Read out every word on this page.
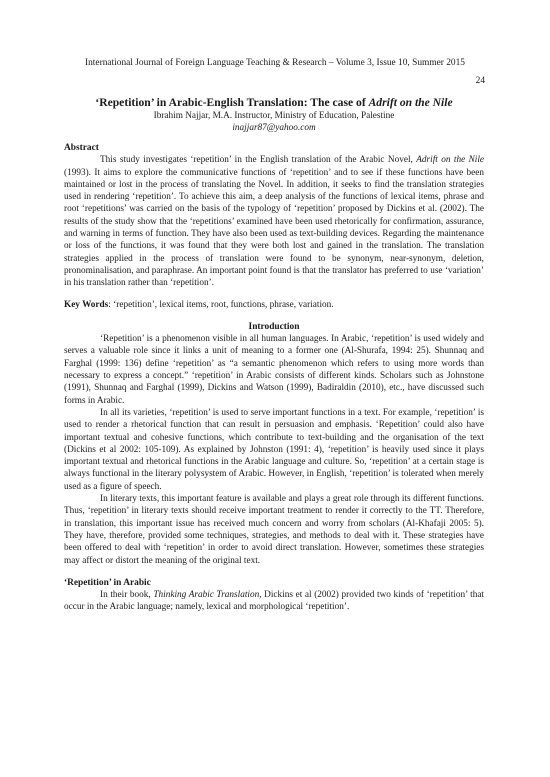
International Journal of Foreign Language Teaching & Research – Volume 3, Issue 10, Summer 2015
24
‘Repetition’ in Arabic-English Translation: The case of Adrift on the Nile
Ibrahim Najjar, M.A. Instructor, Ministry of Education, Palestine
inajjar87@yahoo.com
Abstract

This study investigates ‘repetition’ in the English translation of the Arabic Novel, Adrift on the Nile (1993). It aims to explore the communicative functions of ‘repetition’ and to see if these functions have been maintained or lost in the process of translating the Novel. In addition, it seeks to find the translation strategies used in rendering ‘repetition’. To achieve this aim, a deep analysis of the functions of lexical items, phrase and root ‘repetitions’ was carried on the basis of the typology of ‘repetition’ proposed by Dickins et al. (2002). The results of the study show that the ‘repetitions’ examined have been used rhetorically for confirmation, assurance, and warning in terms of function. They have also been used as text-building devices. Regarding the maintenance or loss of the functions, it was found that they were both lost and gained in the translation. The translation strategies applied in the process of translation were found to be synonym, near-synonym, deletion, pronominalisation, and paraphrase. An important point found is that the translator has preferred to use ‘variation’ in his translation rather than ‘repetition’.

Key Words: ‘repetition’, lexical items, root, functions, phrase, variation.

Introduction

‘Repetition’ is a phenomenon visible in all human languages. In Arabic, ‘repetition’ is used widely and serves a valuable role since it links a unit of meaning to a former one (Al-Shurafa, 1994: 25). Shunnaq and Farghal (1999: 136) define ‘repetition’ as “a semantic phenomenon which refers to using more words than necessary to express a concept.” ‘repetition’ in Arabic consists of different kinds. Scholars such as Johnstone (1991), Shunnaq and Farghal (1999), Dickins and Watson (1999), Badiraldin (2010), etc., have discussed such forms in Arabic.

In all its varieties, ‘repetition’ is used to serve important functions in a text. For example, ‘repetition’ is used to render a rhetorical function that can result in persuasion and emphasis. ‘Repetition’ could also have important textual and cohesive functions, which contribute to text-building and the organisation of the text (Dickins et al 2002: 105-109). As explained by Johnston (1991: 4), ‘repetition’ is heavily used since it plays important textual and rhetorical functions in the Arabic language and culture. So, ‘repetition’ at a certain stage is always functional in the literary polysystem of Arabic. However, in English, ‘repetition’ is tolerated when merely used as a figure of speech.

In literary texts, this important feature is available and plays a great role through its different functions. Thus, ‘repetition’ in literary texts should receive important treatment to render it correctly to the TT. Therefore, in translation, this important issue has received much concern and worry from scholars (Al-Khafaji 2005: 5). They have, therefore, provided some techniques, strategies, and methods to deal with it. These strategies have been offered to deal with ‘repetition’ in order to avoid direct translation. However, sometimes these strategies may affect or distort the meaning of the original text.

‘Repetition’ in Arabic

In their book, Thinking Arabic Translation, Dickins et al (2002) provided two kinds of ‘repetition’ that occur in the Arabic language; namely, lexical and morphological ‘repetition’.
